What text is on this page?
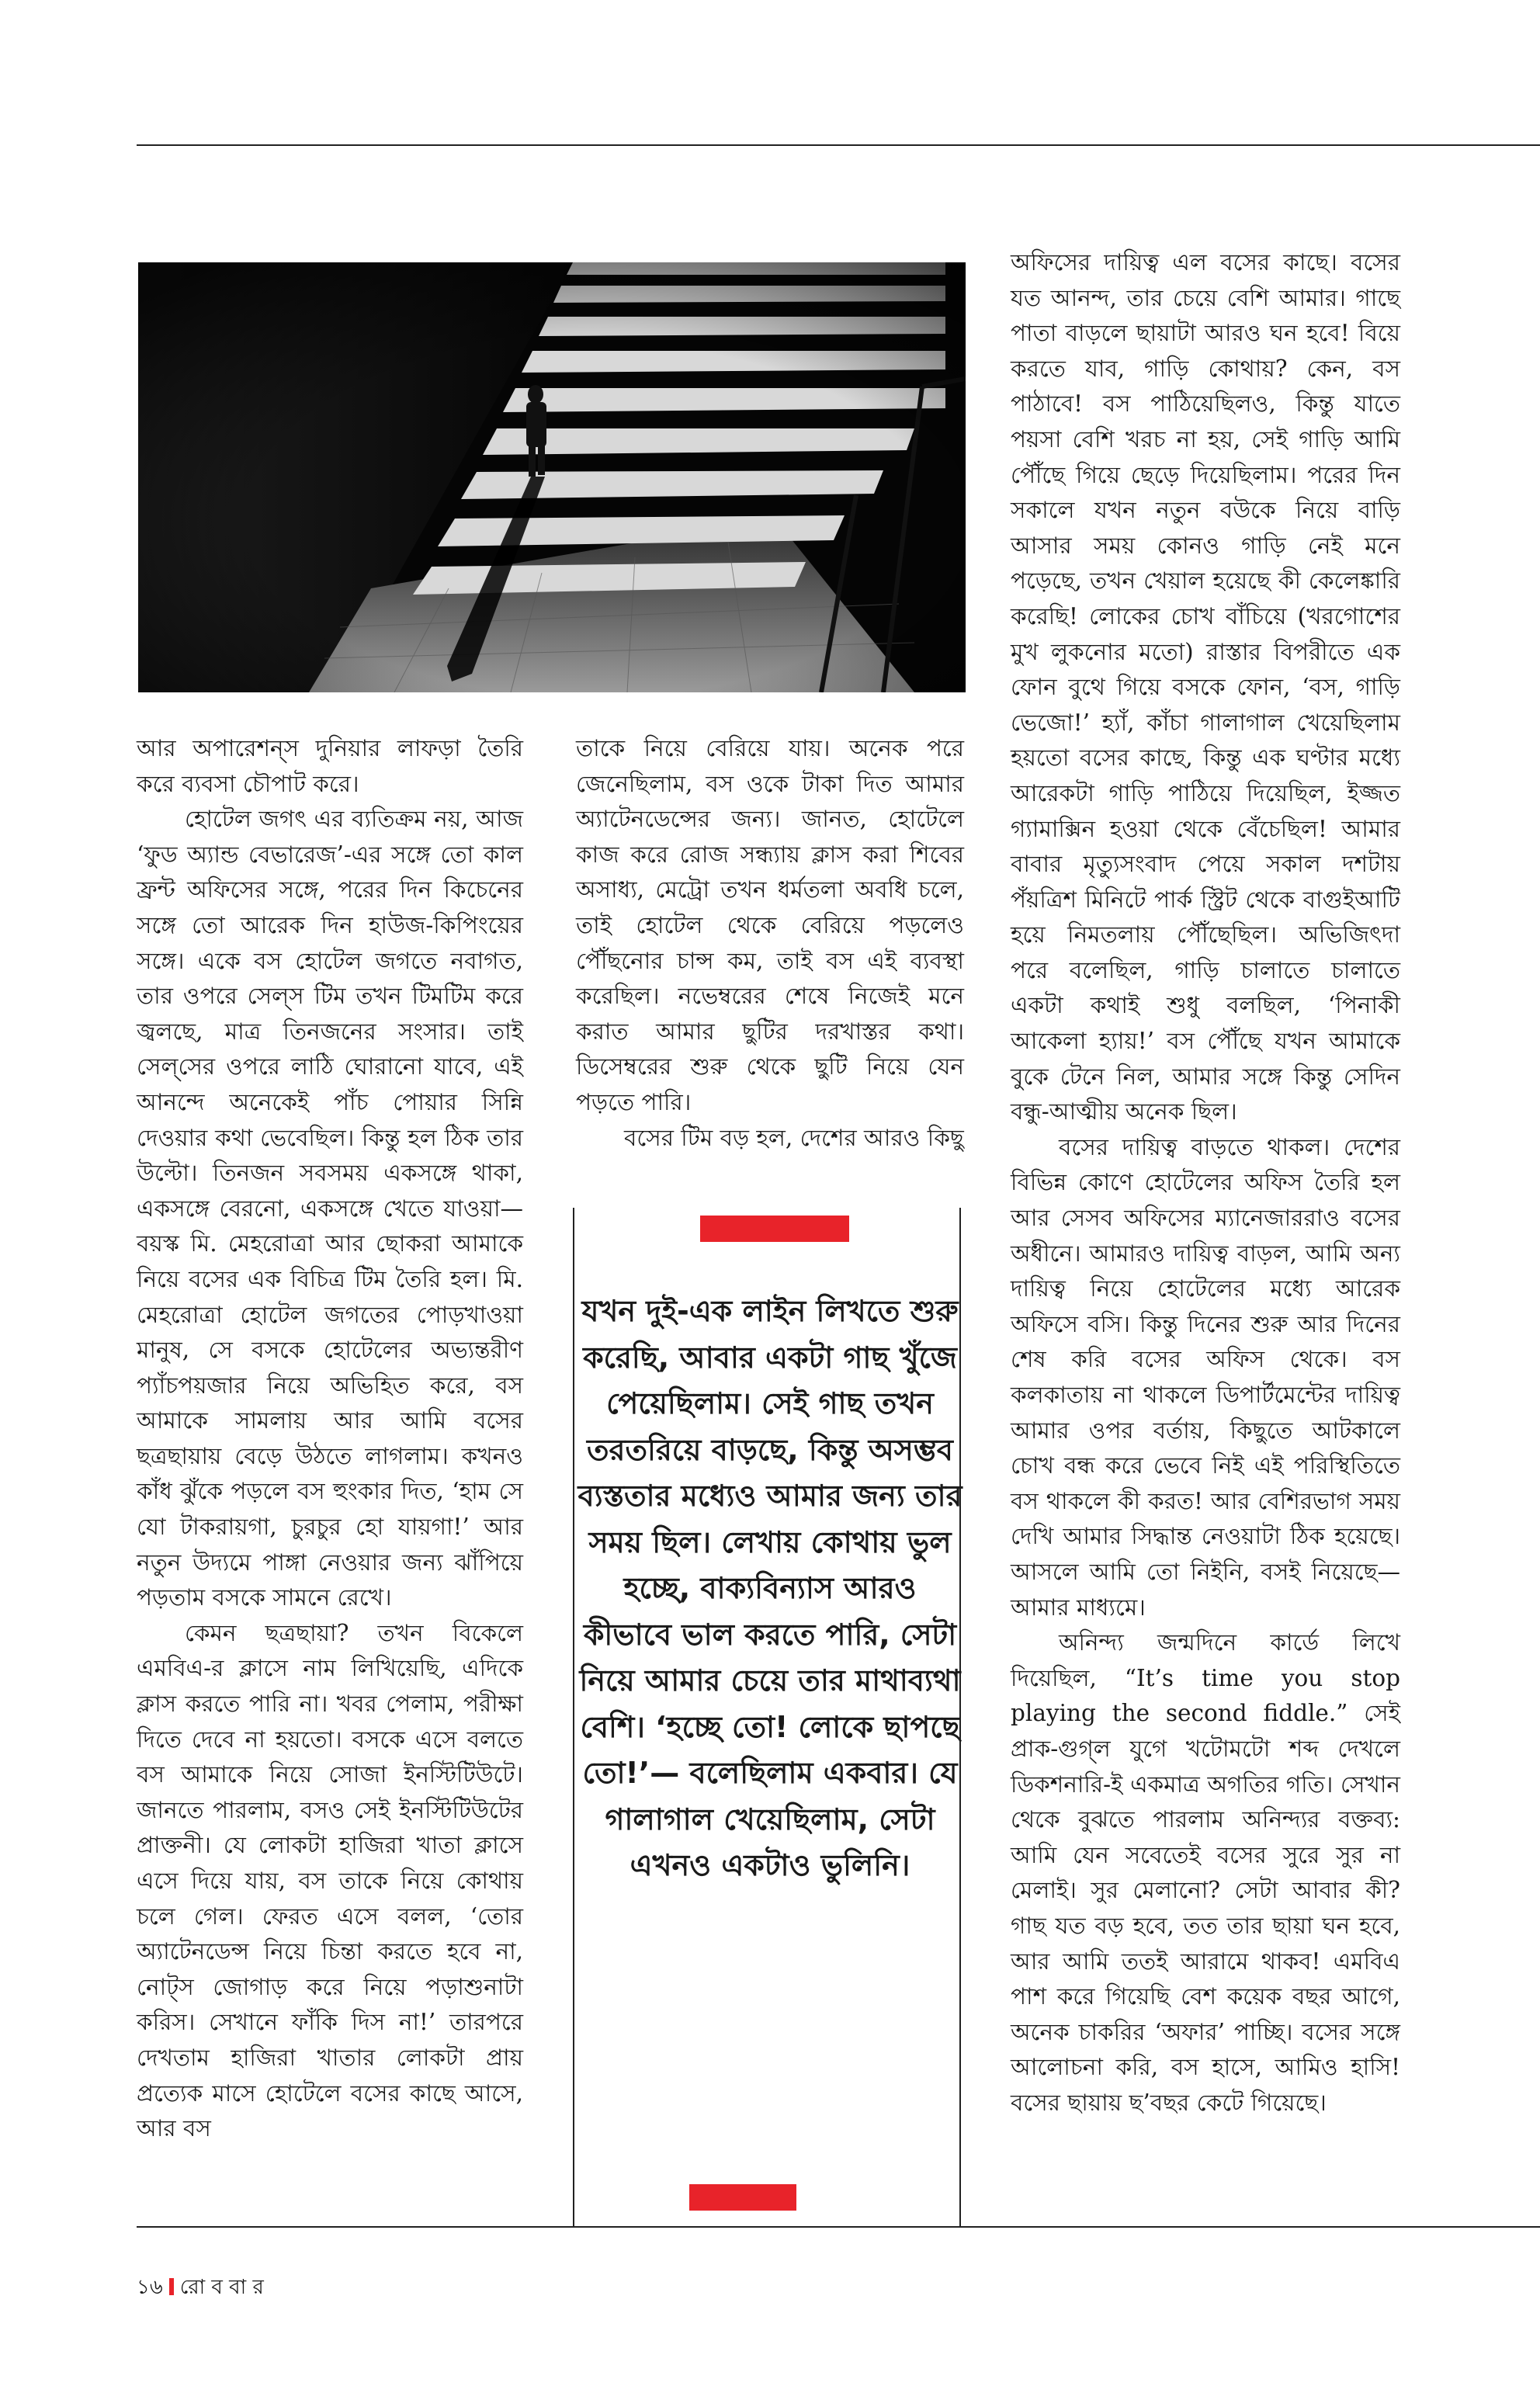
আর অপারেশন্‌স দুনিয়ার লাফড়া তৈরি করে ব্যবসা চৌপাট করে।

হোটেল জগৎ এর ব্যতিক্রম নয়, আজ ‘ফুড অ্যান্ড বেভারেজ’-এর সঙ্গে তো কাল ফ্রন্ট অফিসের সঙ্গে, পরের দিন কিচেনের সঙ্গে তো আরেক দিন হাউজ-কিপিংয়ের সঙ্গে। একে বস হোটেল জগতে নবাগত, তার ওপরে সেল্‌স টিম তখন টিমটিম করে জ্বলছে, মাত্র তিনজনের সংসার। তাই সেল্‌সের ওপরে লাঠি ঘোরানো যাবে, এই আনন্দে অনেকেই পাঁচ পোয়ার সিন্নি দেওয়ার কথা ভেবেছিল। কিন্তু হল ঠিক তার উল্টো। তিনজন সবসময় একসঙ্গে থাকা, একসঙ্গে বেরনো, একসঙ্গে খেতে যাওয়া— বয়স্ক মি. মেহরোত্রা আর ছোকরা আমাকে নিয়ে বসের এক বিচিত্র টিম তৈরি হল। মি. মেহরোত্রা হোটেল জগতের পোড়খাওয়া মানুষ, সে বসকে হোটেলের অভ্যন্তরীণ প্যাঁচপয়জার নিয়ে অভিহিত করে, বস আমাকে সামলায় আর আমি বসের ছত্রছায়ায় বেড়ে উঠতে লাগলাম। কখনও কাঁধ ঝুঁকে পড়লে বস হুংকার দিত, ‘হাম সে যো টাকরায়গা, চুরচুর হো যায়গা!’ আর নতুন উদ্যমে পাঙ্গা নেওয়ার জন্য ঝাঁপিয়ে পড়তাম বসকে সামনে রেখে।

কেমন ছত্রছায়া? তখন বিকেলে এমবিএ-র ক্লাসে নাম লিখিয়েছি, এদিকে ক্লাস করতে পারি না। খবর পেলাম, পরীক্ষা দিতে দেবে না হয়তো। বসকে এসে বলতে বস আমাকে নিয়ে সোজা ইনস্টিটিউটে। জানতে পারলাম, বসও সেই ইনস্টিটিউটের প্রাক্তনী। যে লোকটা হাজিরা খাতা ক্লাসে এসে দিয়ে যায়, বস তাকে নিয়ে কোথায় চলে গেল। ফেরত এসে বলল, ‘তোর অ্যাটেনডেন্স নিয়ে চিন্তা করতে হবে না, নোট্‌স জোগাড় করে নিয়ে পড়াশুনাটা করিস। সেখানে ফাঁকি দিস না!’ তারপরে দেখতাম হাজিরা খাতার লোকটা প্রায় প্রত্যেক মাসে হোটেলে বসের কাছে আসে, আর বস

তাকে নিয়ে বেরিয়ে যায়। অনেক পরে জেনেছিলাম, বস ওকে টাকা দিত আমার অ্যাটেনডেন্সের জন্য। জানত, হোটেলে কাজ করে রোজ সন্ধ্যায় ক্লাস করা শিবের অসাধ্য, মেট্রো তখন ধর্মতলা অবধি চলে, তাই হোটেল থেকে বেরিয়ে পড়লেও পৌঁছনোর চান্স কম, তাই বস এই ব্যবস্থা করেছিল। নভেম্বরের শেষে নিজেই মনে করাত আমার ছুটির দরখাস্তর কথা। ডিসেম্বরের শুরু থেকে ছুটি নিয়ে যেন পড়তে পারি।

বসের টিম বড় হল, দেশের আরও কিছু

যখন দুই-এক লাইন লিখতে শুরু করেছি, আবার একটা গাছ খুঁজে পেয়েছিলাম। সেই গাছ তখন তরতরিয়ে বাড়ছে, কিন্তু অসম্ভব ব্যস্ততার মধ্যেও আমার জন্য তার সময় ছিল। লেখায় কোথায় ভুল হচ্ছে, বাক্যবিন্যাস আরও কীভাবে ভাল করতে পারি, সেটা নিয়ে আমার চেয়ে তার মাথাব্যথা বেশি। ‘হচ্ছে তো! লোকে ছাপছে তো!’— বলেছিলাম একবার। যে গালাগাল খেয়েছিলাম, সেটা এখনও একটাও ভুলিনি।

অফিসের দায়িত্ব এল বসের কাছে। বসের যত আনন্দ, তার চেয়ে বেশি আমার। গাছে পাতা বাড়লে ছায়াটা আরও ঘন হবে! বিয়ে করতে যাব, গাড়ি কোথায়? কেন, বস পাঠাবে! বস পাঠিয়েছিলও, কিন্তু যাতে পয়সা বেশি খরচ না হয়, সেই গাড়ি আমি পৌঁছে গিয়ে ছেড়ে দিয়েছিলাম। পরের দিন সকালে যখন নতুন বউকে নিয়ে বাড়ি আসার সময় কোনও গাড়ি নেই মনে পড়েছে, তখন খেয়াল হয়েছে কী কেলেঙ্কারি করেছি! লোকের চোখ বাঁচিয়ে (খরগোশের মুখ লুকনোর মতো) রাস্তার বিপরীতে এক ফোন বুথে গিয়ে বসকে ফোন, ‘বস, গাড়ি ভেজো!’ হ্যাঁ, কাঁচা গালাগাল খেয়েছিলাম হয়তো বসের কাছে, কিন্তু এক ঘণ্টার মধ্যে আরেকটা গাড়ি পাঠিয়ে দিয়েছিল, ইজ্জত গ্যামাক্সিন হওয়া থেকে বেঁচেছিল! আমার বাবার মৃত্যুসংবাদ পেয়ে সকাল দশটায় পঁয়ত্রিশ মিনিটে পার্ক স্ট্রিট থেকে বাগুইআটি হয়ে নিমতলায় পৌঁছেছিল। অভিজিৎদা পরে বলেছিল, গাড়ি চালাতে চালাতে একটা কথাই শুধু বলছিল, ‘পিনাকী আকেলা হ্যায়!’ বস পৌঁছে যখন আমাকে বুকে টেনে নিল, আমার সঙ্গে কিন্তু সেদিন বন্ধু-আত্মীয় অনেক ছিল।

বসের দায়িত্ব বাড়তে থাকল। দেশের বিভিন্ন কোণে হোটেলের অফিস তৈরি হল আর সেসব অফিসের ম্যানেজাররাও বসের অধীনে। আমারও দায়িত্ব বাড়ল, আমি অন্য দায়িত্ব নিয়ে হোটেলের মধ্যে আরেক অফিসে বসি। কিন্তু দিনের শুরু আর দিনের শেষ করি বসের অফিস থেকে। বস কলকাতায় না থাকলে ডিপার্টমেন্টের দায়িত্ব আমার ওপর বর্তায়, কিছুতে আটকালে চোখ বন্ধ করে ভেবে নিই এই পরিস্থিতিতে বস থাকলে কী করত! আর বেশিরভাগ সময় দেখি আমার সিদ্ধান্ত নেওয়াটা ঠিক হয়েছে। আসলে আমি তো নিইনি, বসই নিয়েছে— আমার মাধ্যমে।

অনিন্দ্য জন্মদিনে কার্ডে লিখে দিয়েছিল, “It’s time you stop playing the second fiddle.” সেই প্রাক-গুগ্‌ল যুগে খটোমটো শব্দ দেখলে ডিকশনারি-ই একমাত্র অগতির গতি। সেখান থেকে বুঝতে পারলাম অনিন্দ্যর বক্তব্য: আমি যেন সবেতেই বসের সুরে সুর না মেলাই। সুর মেলানো? সেটা আবার কী? গাছ যত বড় হবে, তত তার ছায়া ঘন হবে, আর আমি ততই আরামে থাকব! এমবিএ পাশ করে গিয়েছি বেশ কয়েক বছর আগে, অনেক চাকরির ‘অফার’ পাচ্ছি। বসের সঙ্গে আলোচনা করি, বস হাসে, আমিও হাসি! বসের ছায়ায় ছ’বছর কেটে গিয়েছে।

১৬ রো ব বা র
